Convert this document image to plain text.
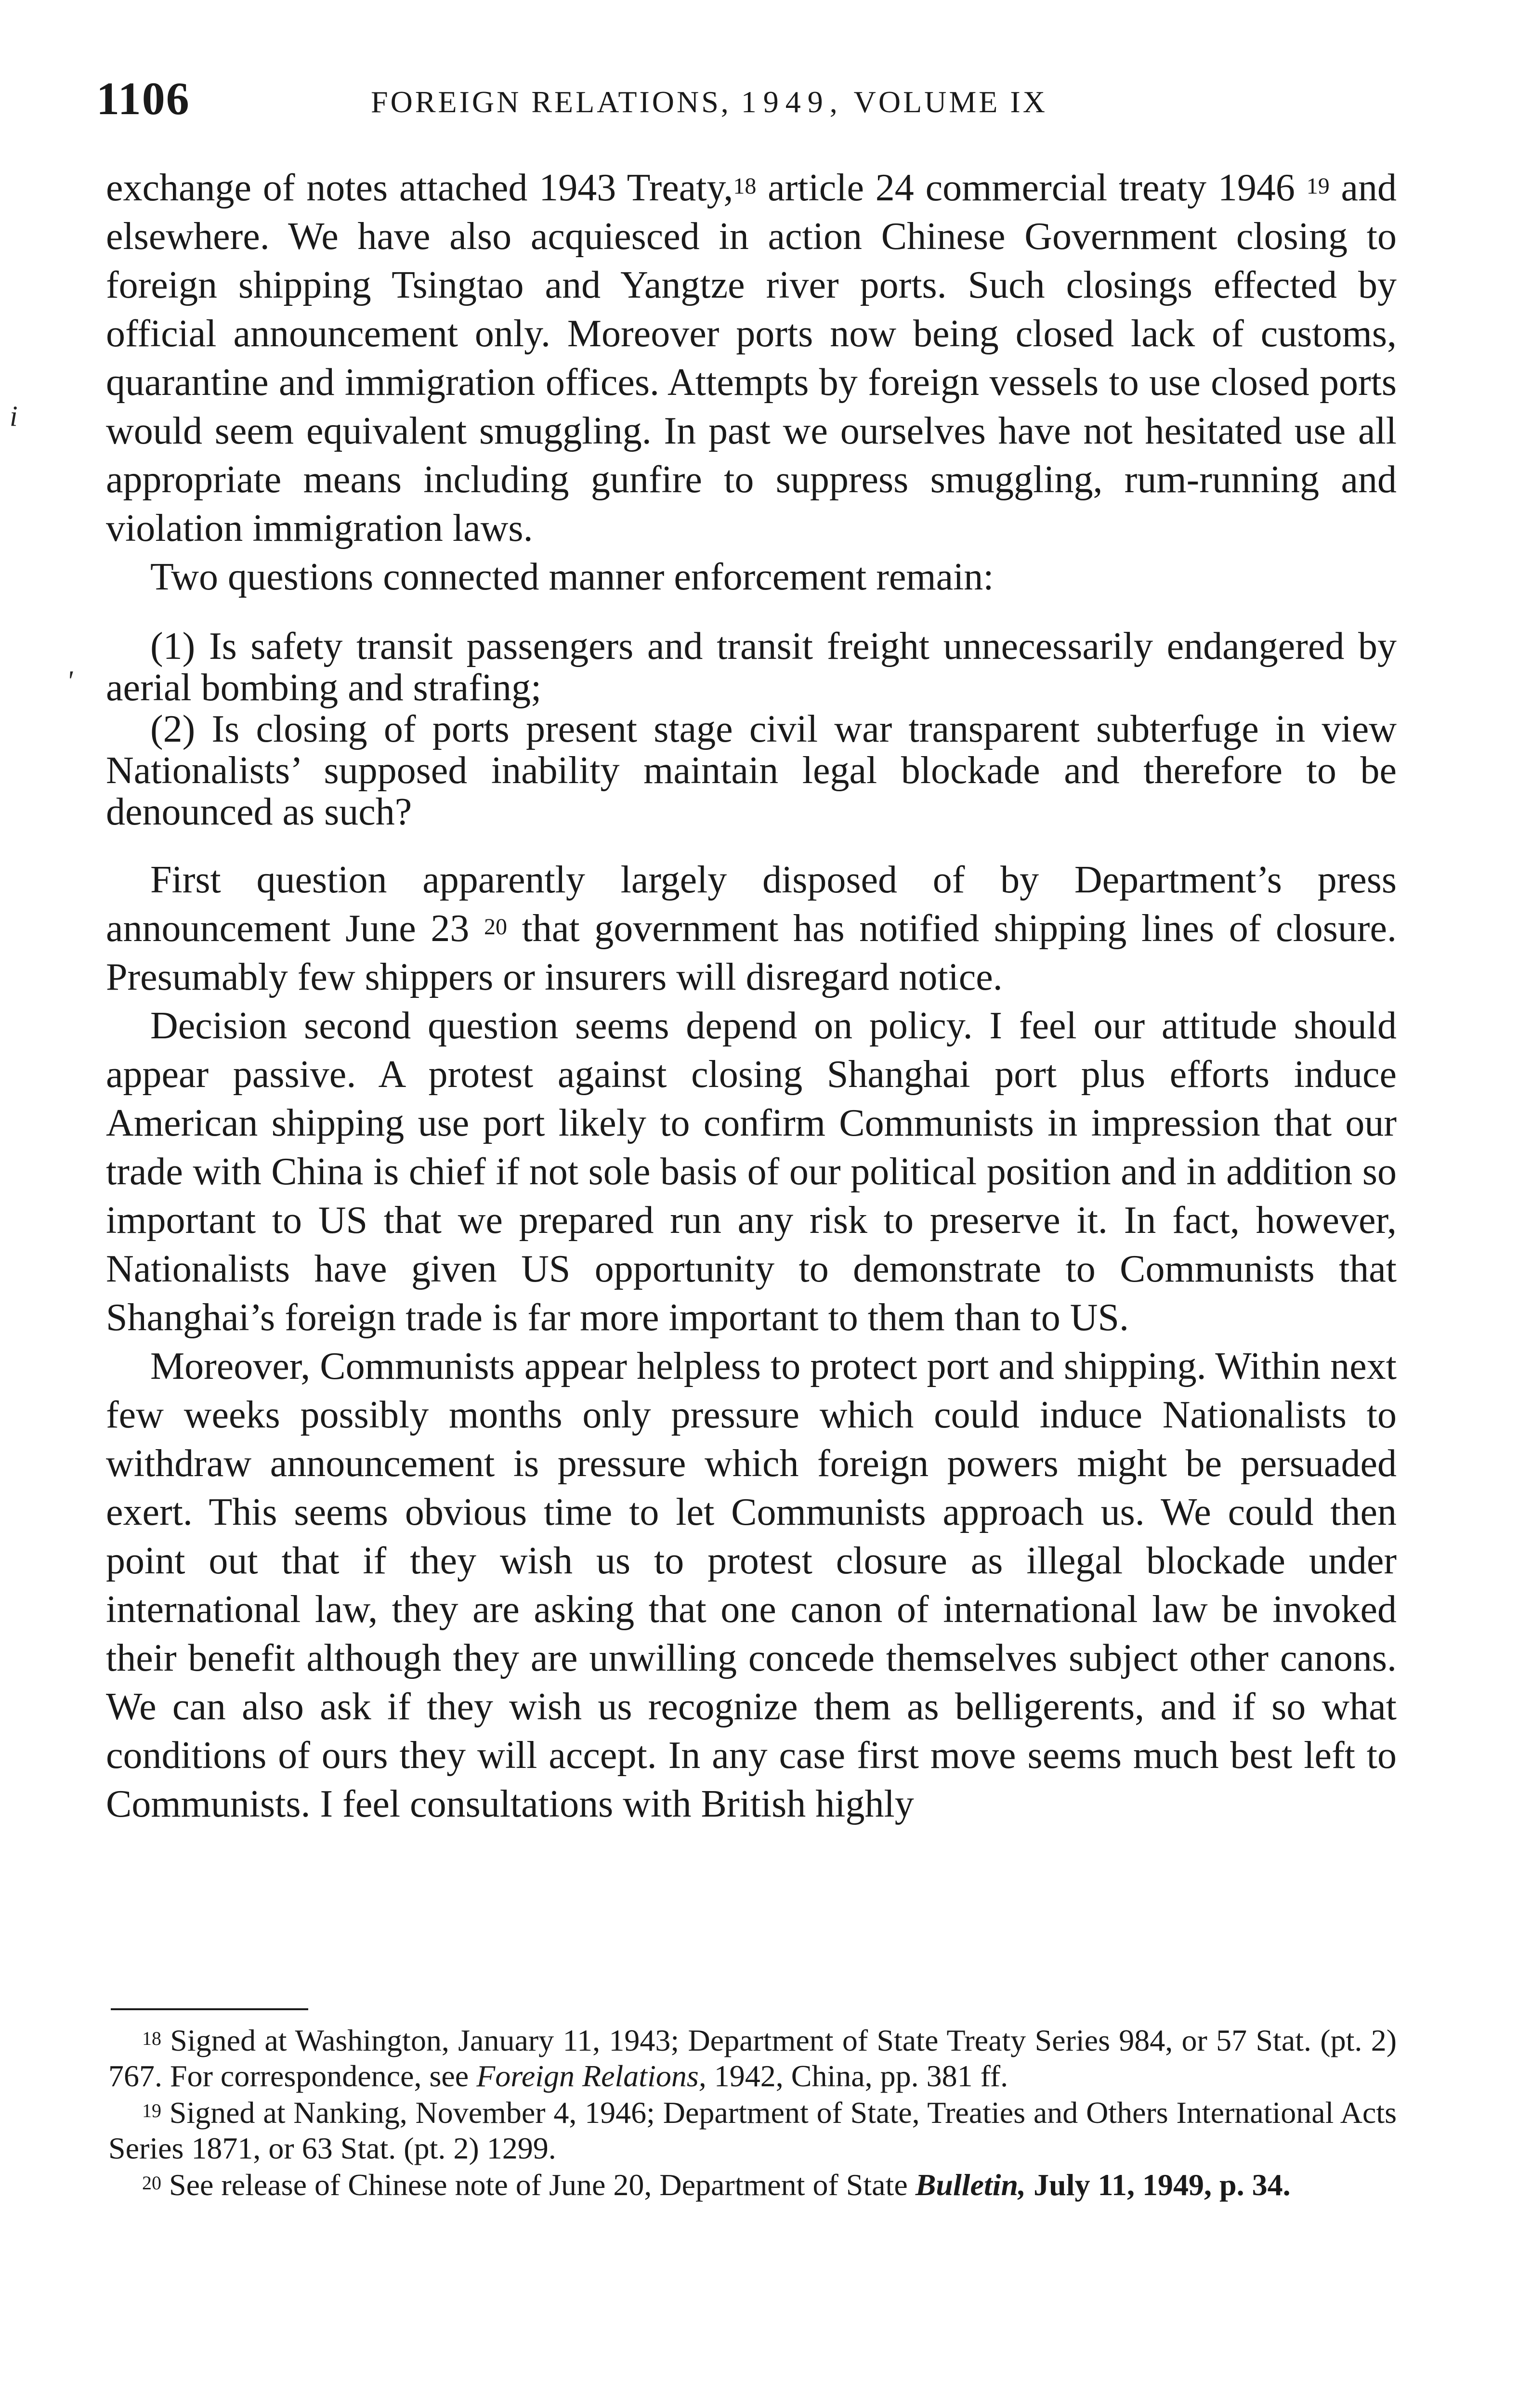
1106	FOREIGN RELATIONS, 1949, VOLUME IX
i
'

exchange of notes attached 1943 Treaty,$^{18}$ article 24 commercial treaty 1946 $^{19}$ and elsewhere. We have also acquiesced in action Chinese Government closing to foreign shipping Tsingtao and Yangtze river ports. Such closings effected by official announcement only. Moreover ports now being closed lack of customs, quarantine and immigration offices. Attempts by foreign vessels to use closed ports would seem equivalent smuggling. In past we ourselves have not hesitated use all appropriate means including gunfire to suppress smuggling, rum-running and violation immigration laws.

Two questions connected manner enforcement remain:

(1) Is safety transit passengers and transit freight unnecessarily endangered by aerial bombing and strafing;

(2) Is closing of ports present stage civil war transparent subterfuge in view Nationalists’ supposed inability maintain legal blockade and therefore to be denounced as such?

First question apparently largely disposed of by Department’s press announcement June 23 $^{20}$ that government has notified shipping lines of closure. Presumably few shippers or insurers will disregard notice.

Decision second question seems depend on policy. I feel our attitude should appear passive. A protest against closing Shanghai port plus efforts induce American shipping use port likely to confirm Communists in impression that our trade with China is chief if not sole basis of our political position and in addition so important to US that we prepared run any risk to preserve it. In fact, however, Nationalists have given US opportunity to demonstrate to Communists that Shanghai’s foreign trade is far more important to them than to US.

Moreover, Communists appear helpless to protect port and shipping. Within next few weeks possibly months only pressure which could induce Nationalists to withdraw announcement is pressure which foreign powers might be persuaded exert. This seems obvious time to let Communists approach us. We could then point out that if they wish us to protest closure as illegal blockade under international law, they are asking that one canon of international law be invoked their benefit although they are unwilling concede themselves subject other canons. We can also ask if they wish us recognize them as belligerents, and if so what conditions of ours they will accept. In any case first move seems much best left to Communists. I feel consultations with British highly

$^{18}$ Signed at Washington, January 11, 1943; Department of State Treaty Series 984, or 57 Stat. (pt. 2) 767. For correspondence, see Foreign Relations, 1942, China, pp. 381 ff.

$^{19}$ Signed at Nanking, November 4, 1946; Department of State, Treaties and Others International Acts Series 1871, or 63 Stat. (pt. 2) 1299.

$^{20}$ See release of Chinese note of June 20, Department of State Bulletin, July 11, 1949, p. 34.
